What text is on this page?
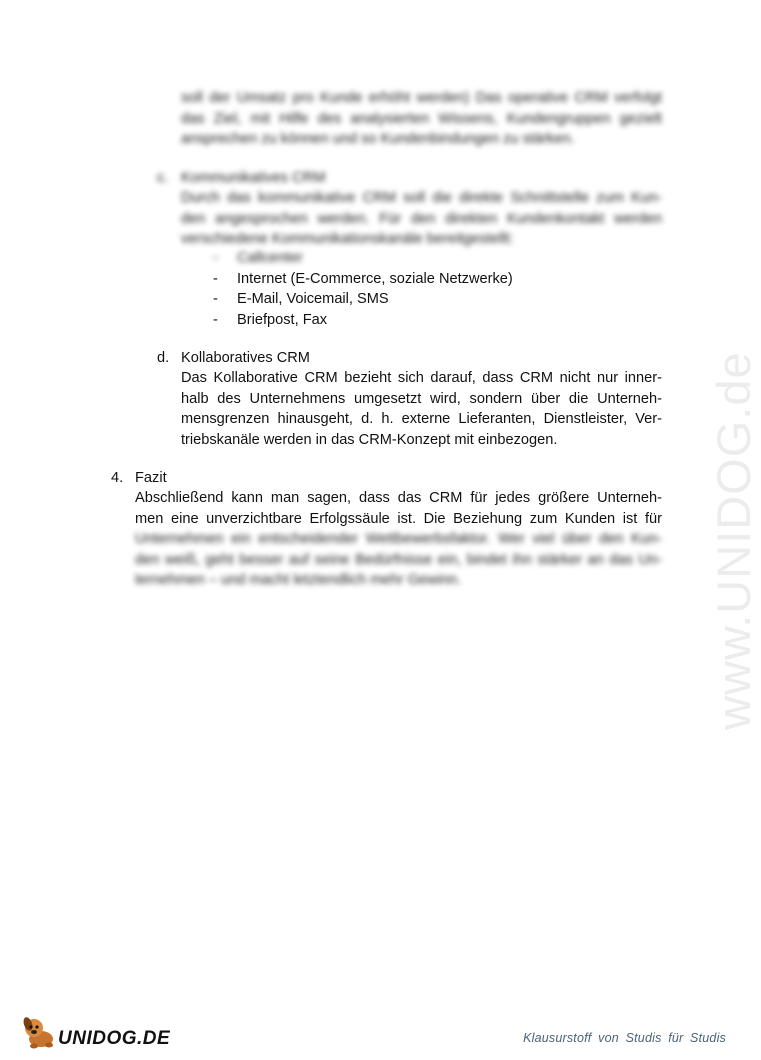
soll der Umsatz pro Kunde erhöht werden) Das operative CRM verfolgt
das Ziel, mit Hilfe des analysierten Wissens, Kundengruppen gezielt
ansprechen zu können und so Kundenbindungen zu stärken.
c. Kommunikatives CRM
Durch das kommunikative CRM soll die direkte Schnittstelle zum Kun-
den angesprochen werden. Für den direkten Kundenkontakt werden
verschiedene Kommunikationskanäle bereitgestellt:
- Callcenter
- Internet (E-Commerce, soziale Netzwerke)
- E-Mail, Voicemail, SMS
- Briefpost, Fax
d. Kollaboratives CRM
Das Kollaborative CRM bezieht sich darauf, dass CRM nicht nur inner-
halb des Unternehmens umgesetzt wird, sondern über die Unterneh-
mensgrenzen hinausgeht, d. h. externe Lieferanten, Dienstleister, Ver-
triebskanäle werden in das CRM-Konzept mit einbezogen.
4. Fazit
Abschließend kann man sagen, dass das CRM für jedes größere Unterneh-
men eine unverzichtbare Erfolgssäule ist. Die Beziehung zum Kunden ist für
Unternehmen ein entscheidender Wettbewerbsfaktor. Wer viel über den Kun-
den weiß, geht besser auf seine Bedürfnisse ein, bindet ihn stärker an das Un-
ternehmen – und macht letztendlich mehr Gewinn.	www.UNIDOG.de
UNIDOG.DE	Klausurstoff von Studis für Studis
